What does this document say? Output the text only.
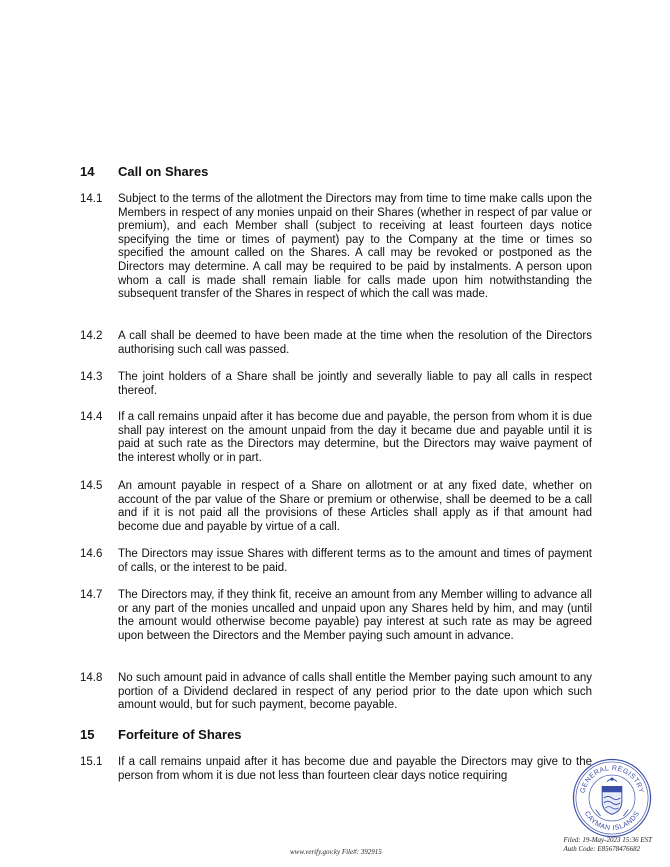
14 Call on Shares
14.1 Subject to the terms of the allotment the Directors may from time to time make calls upon the Members in respect of any monies unpaid on their Shares (whether in respect of par value or premium), and each Member shall (subject to receiving at least fourteen days notice specifying the time or times of payment) pay to the Company at the time or times so specified the amount called on the Shares. A call may be revoked or postponed as the Directors may determine. A call may be required to be paid by instalments. A person upon whom a call is made shall remain liable for calls made upon him notwithstanding the subsequent transfer of the Shares in respect of which the call was made.
14.2 A call shall be deemed to have been made at the time when the resolution of the Directors authorising such call was passed.
14.3 The joint holders of a Share shall be jointly and severally liable to pay all calls in respect thereof.
14.4 If a call remains unpaid after it has become due and payable, the person from whom it is due shall pay interest on the amount unpaid from the day it became due and payable until it is paid at such rate as the Directors may determine, but the Directors may waive payment of the interest wholly or in part.
14.5 An amount payable in respect of a Share on allotment or at any fixed date, whether on account of the par value of the Share or premium or otherwise, shall be deemed to be a call and if it is not paid all the provisions of these Articles shall apply as if that amount had become due and payable by virtue of a call.
14.6 The Directors may issue Shares with different terms as to the amount and times of payment of calls, or the interest to be paid.
14.7 The Directors may, if they think fit, receive an amount from any Member willing to advance all or any part of the monies uncalled and unpaid upon any Shares held by him, and may (until the amount would otherwise become payable) pay interest at such rate as may be agreed upon between the Directors and the Member paying such amount in advance.
14.8 No such amount paid in advance of calls shall entitle the Member paying such amount to any portion of a Dividend declared in respect of any period prior to the date upon which such amount would, but for such payment, become payable.
15 Forfeiture of Shares
15.1 If a call remains unpaid after it has become due and payable the Directors may give to the person from whom it is due not less than fourteen clear days notice requiring
GENERAL REGISTRY
CAYMAN ISLANDS
Filed: 19-May-2023 15:36 EST
Auth Code: E85678476682
www.verify.gov.ky File#: 392915
